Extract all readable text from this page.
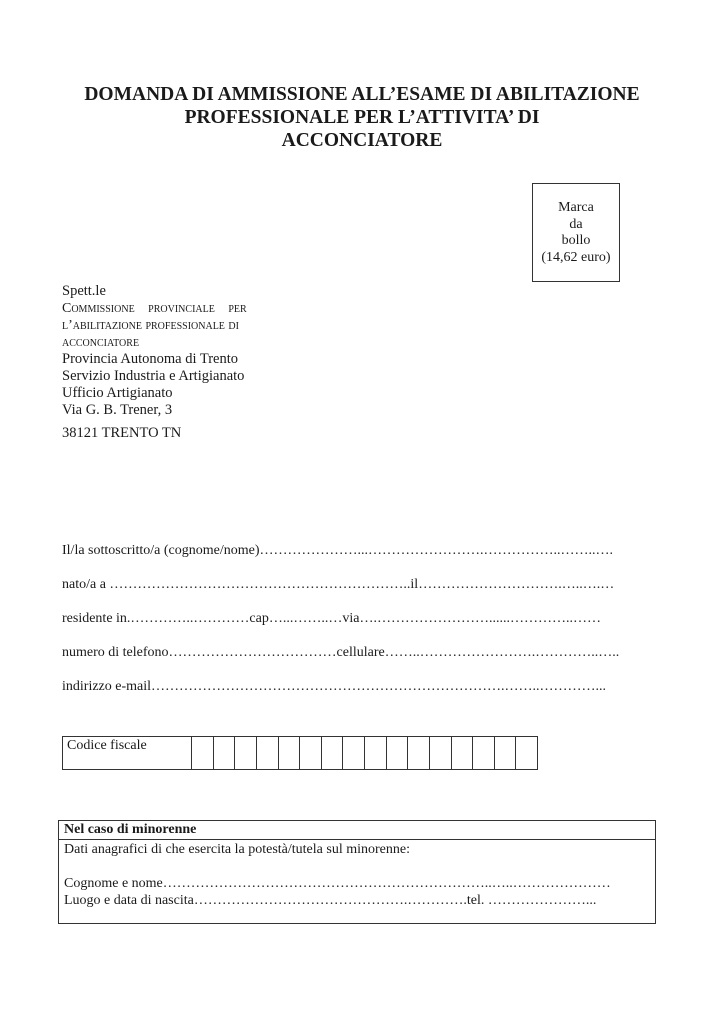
DOMANDA DI AMMISSIONE ALL’ESAME DI ABILITAZIONE
PROFESSIONALE PER L’ATTIVITA’ DI
ACCONCIATORE
Marca
da
bollo
(14,62 euro)
Spett.le
Commissione provinciale per
l’abilitazione professionale di
acconciatore
Provincia Autonoma di Trento
Servizio Industria e Artigianato
Ufficio Artigianato
Via G. B. Trener, 3
38121 TRENTO TN
Il/la sottoscritto/a (cognome/nome)…………………...…………………….……………..……..….
nato/a a ………………………………………………………..il………………………….…..….…
residente in.…………..…………cap…...……..…via….……………………......…………..……
numero di telefono………………………………cellulare……..…………………….…………..…..
indirizzo e-mail………………………………………………………………….……..…………...
Codice fiscale
Nel caso di minorenne
Dati anagrafici di che esercita la potestà/tutela sul minorenne:
Cognome e nome……………………………………………………………..…..…………………
Luogo e data di nascita……………………………………….………….tel. …………………...
